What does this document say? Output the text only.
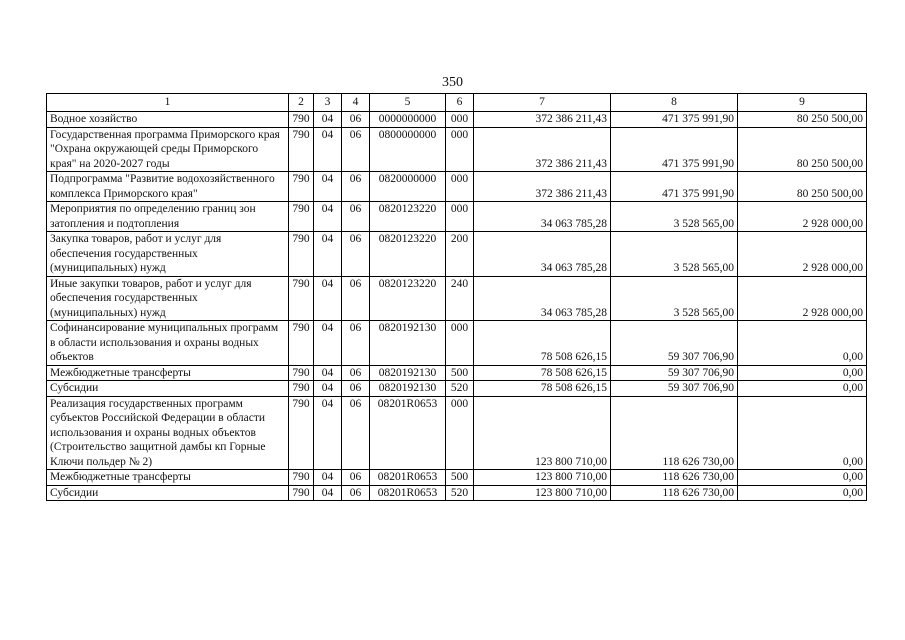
350
1	2	3	4	5	6	7	8	9
Водное хозяйство	790	04	06	0000000000	000	372 386 211,43	471 375 991,90	80 250 500,00
Государственная программа Приморского края "Охрана окружающей среды Приморского края" на 2020-2027 годы	790	04	06	0800000000	000	372 386 211,43	471 375 991,90	80 250 500,00
Подпрограмма "Развитие водохозяйственного комплекса Приморского края"	790	04	06	0820000000	000	372 386 211,43	471 375 991,90	80 250 500,00
Мероприятия по определению границ зон затопления и подтопления	790	04	06	0820123220	000	34 063 785,28	3 528 565,00	2 928 000,00
Закупка товаров, работ и услуг для обеспечения государственных (муниципальных) нужд	790	04	06	0820123220	200	34 063 785,28	3 528 565,00	2 928 000,00
Иные закупки товаров, работ и услуг для обеспечения государственных (муниципальных) нужд	790	04	06	0820123220	240	34 063 785,28	3 528 565,00	2 928 000,00
Софинансирование муниципальных программ в области использования и охраны водных объектов	790	04	06	0820192130	000	78 508 626,15	59 307 706,90	0,00
Межбюджетные трансферты	790	04	06	0820192130	500	78 508 626,15	59 307 706,90	0,00
Субсидии	790	04	06	0820192130	520	78 508 626,15	59 307 706,90	0,00
Реализация государственных программ субъектов Российской Федерации в области использования и охраны водных объектов (Строительство защитной дамбы кп Горные Ключи польдер № 2)	790	04	06	08201R0653	000	123 800 710,00	118 626 730,00	0,00
Межбюджетные трансферты	790	04	06	08201R0653	500	123 800 710,00	118 626 730,00	0,00
Субсидии	790	04	06	08201R0653	520	123 800 710,00	118 626 730,00	0,00
